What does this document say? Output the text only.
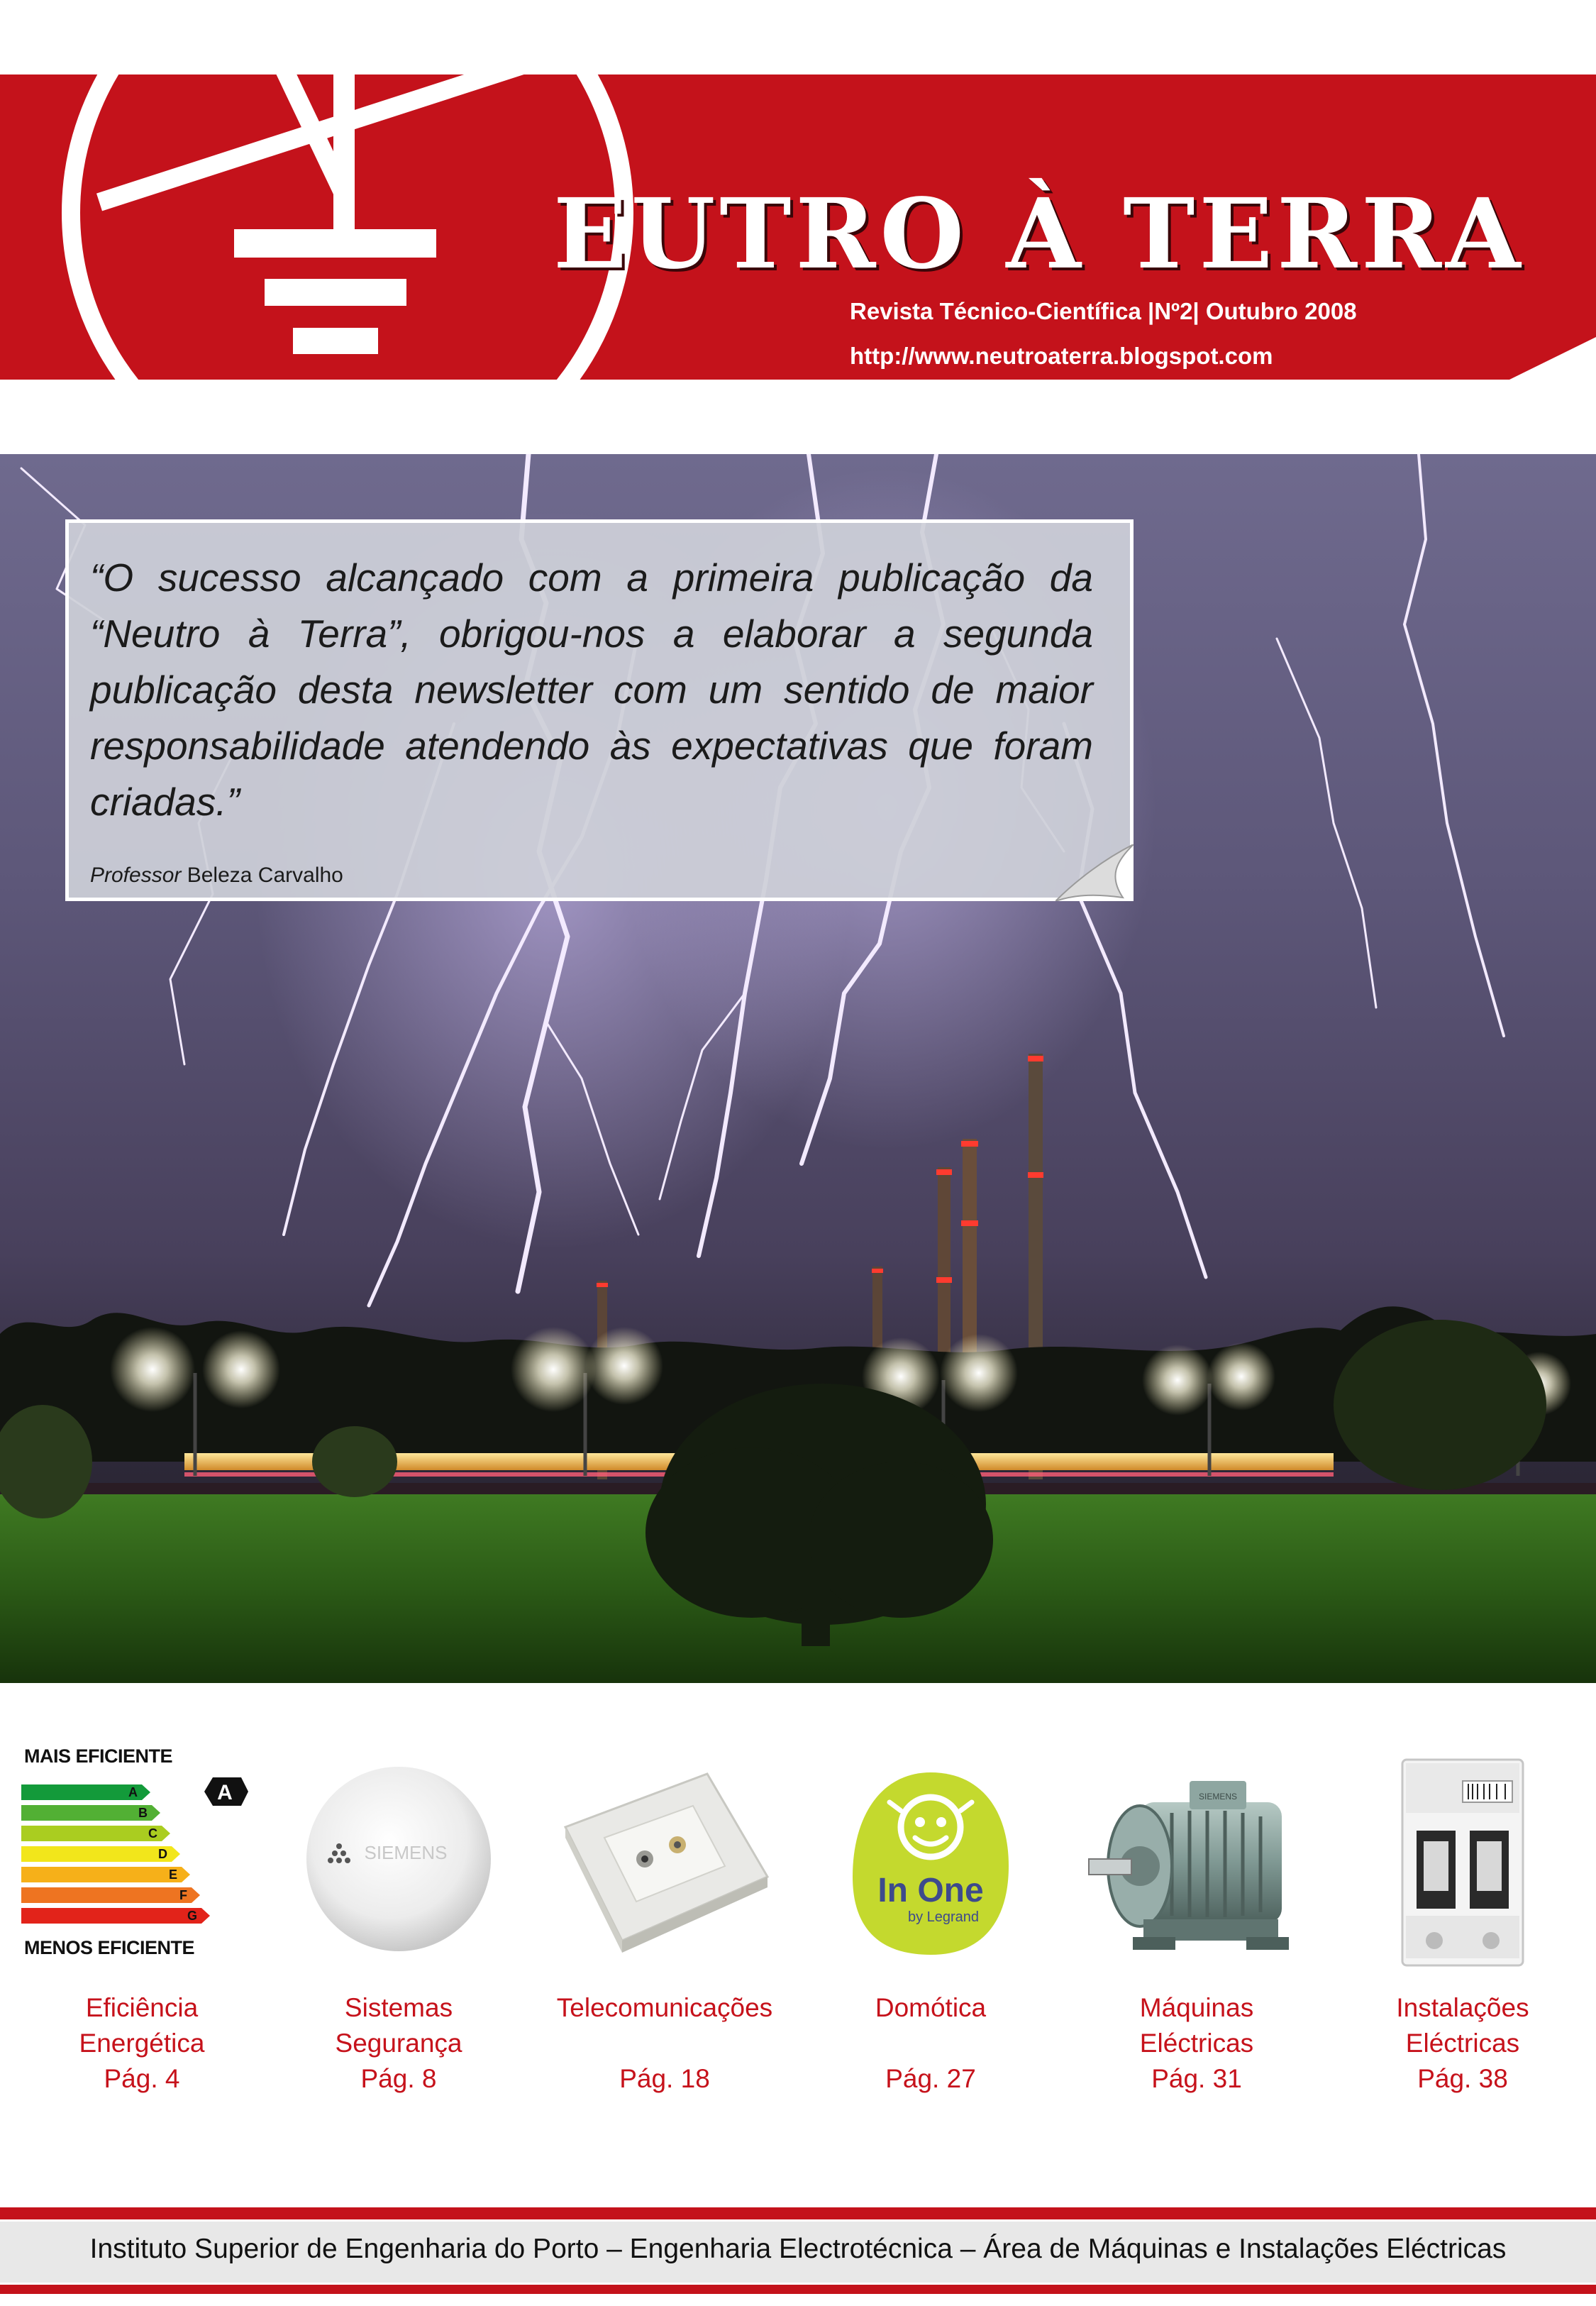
EUTRO À TERRA
Revista Técnico-Científica |Nº2| Outubro 2008
http://www.neutroaterra.blogspot.com

“O sucesso alcançado com a primeira publicação da “Neutro à Terra”, obrigou-nos a elaborar a segunda publicação desta newsletter com um sentido de maior responsabilidade atendendo às expectativas que foram criadas.”

Professor Beleza Carvalho

MAIS EFICIENTE
A
B
C
D
E
F
G
A
MENOS EFICIENTE

Eficiência
Energética
Pág. 4

SIEMENS

Sistemas
Segurança
Pág. 8

Telecomunicações
Pág. 18

In One
by Legrand

Domótica
Pág. 27

SIEMENS

Máquinas
Eléctricas
Pág. 31

Instalações
Eléctricas
Pág. 38

Instituto Superior de Engenharia do Porto – Engenharia Electrotécnica – Área de Máquinas e Instalações Eléctricas
